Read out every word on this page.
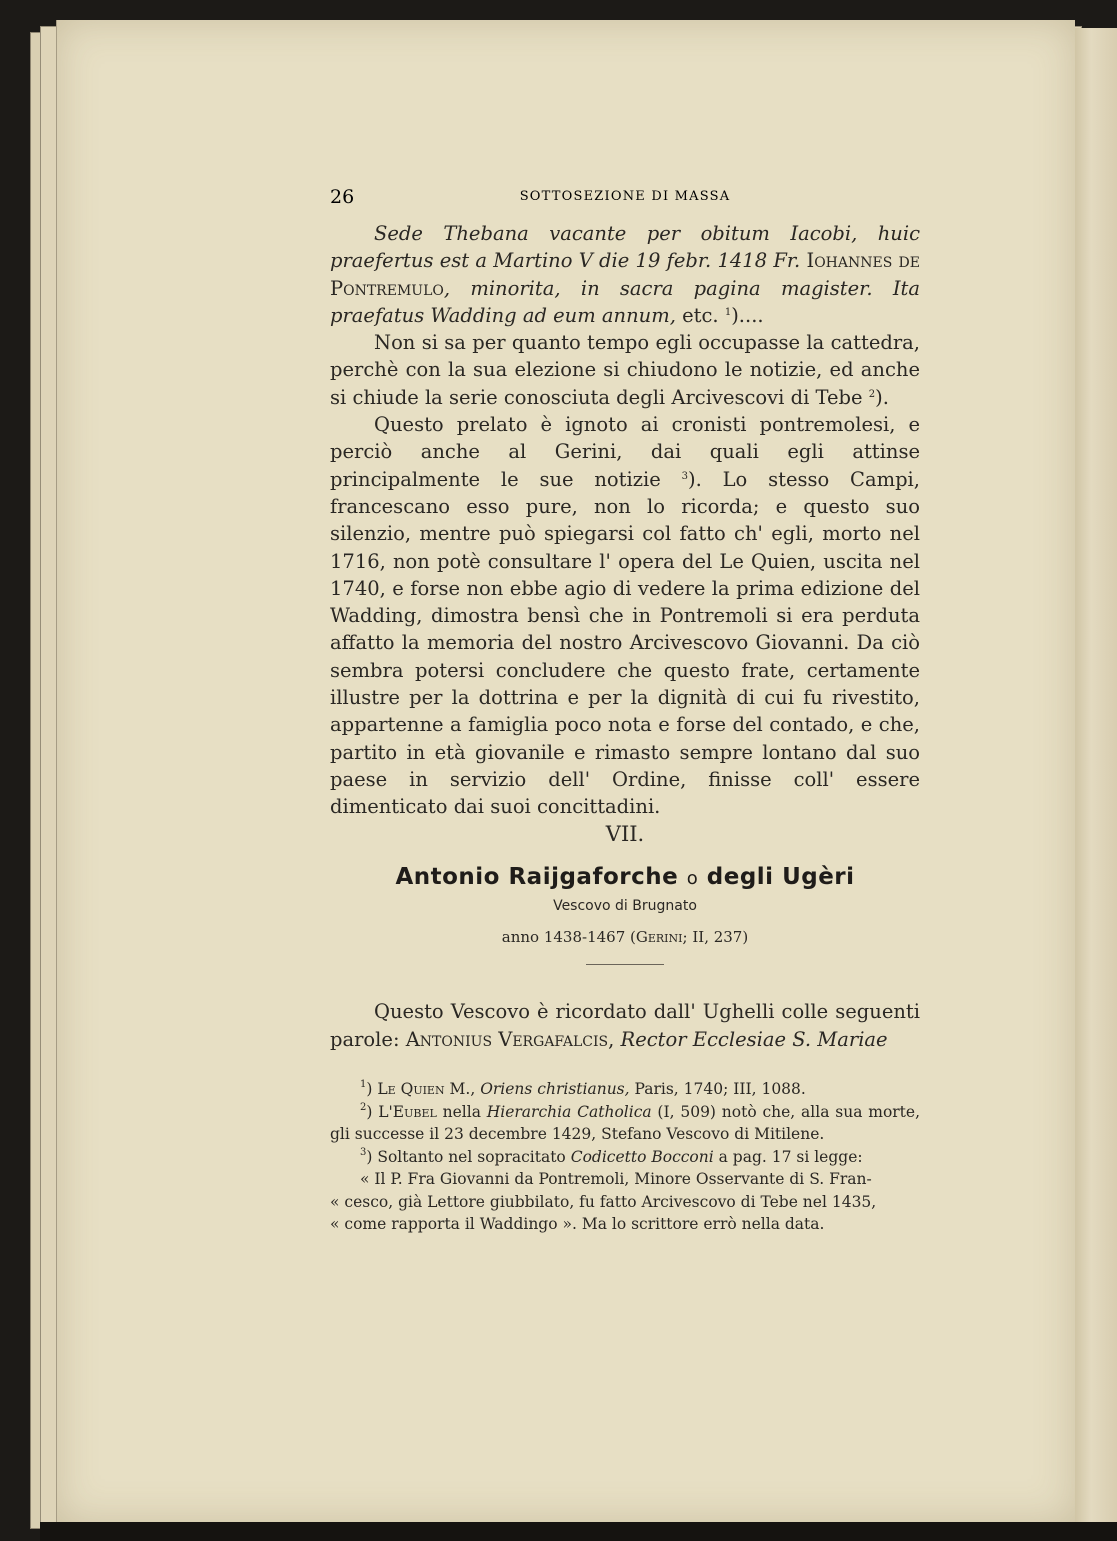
26	SOTTOSEZIONE DI MASSA

Sede Thebana vacante per obitum Iacobi, huic praefertus est a Martino V die 19 febr. 1418 Fr. Iohannes de Pontremulo, minorita, in sacra pagina magister. Ita praefatus Wadding ad eum annum, etc. $^1$)....

Non si sa per quanto tempo egli occupasse la cattedra, perchè con la sua elezione si chiudono le notizie, ed anche si chiude la serie conosciuta degli Arcivescovi di Tebe $^2$).

Questo prelato è ignoto ai cronisti pontremolesi, e perciò anche al Gerini, dai quali egli attinse principalmente le sue notizie $^3$). Lo stesso Campi, francescano esso pure, non lo ricorda; e questo suo silenzio, mentre può spiegarsi col fatto ch' egli, morto nel 1716, non potè consultare l' opera del Le Quien, uscita nel 1740, e forse non ebbe agio di vedere la prima edizione del Wadding, dimostra bensì che in Pontremoli si era perduta affatto la memoria del nostro Arcivescovo Giovanni. Da ciò sembra potersi concludere che questo frate, certamente illustre per la dottrina e per la dignità di cui fu rivestito, appartenne a famiglia poco nota e forse del contado, e che, partito in età giovanile e rimasto sempre lontano dal suo paese in servizio dell' Ordine, finisse coll' essere dimenticato dai suoi concittadini.

VII.
Antonio Raijgaforche o degli Ugèri
Vescovo di Brugnato
anno 1438-1467 (Gerini; II, 237)

Questo Vescovo è ricordato dall' Ughelli colle seguenti parole: Antonius Vergafalcis, Rector Ecclesiae S. Mariae

$^1$) Le Quien M., Oriens christianus, Paris, 1740; III, 1088.

$^2$) L'Eubel nella Hierarchia Catholica (I, 509) notò che, alla sua morte, gli successe il 23 decembre 1429, Stefano Vescovo di Mitilene.

$^3$) Soltanto nel sopracitato Codicetto Bocconi a pag. 17 si legge:

« Il P. Fra Giovanni da Pontremoli, Minore Osservante di S. Fran-

« cesco, già Lettore giubbilato, fu fatto Arcivescovo di Tebe nel 1435,

« come rapporta il Waddingo ». Ma lo scrittore errò nella data.
